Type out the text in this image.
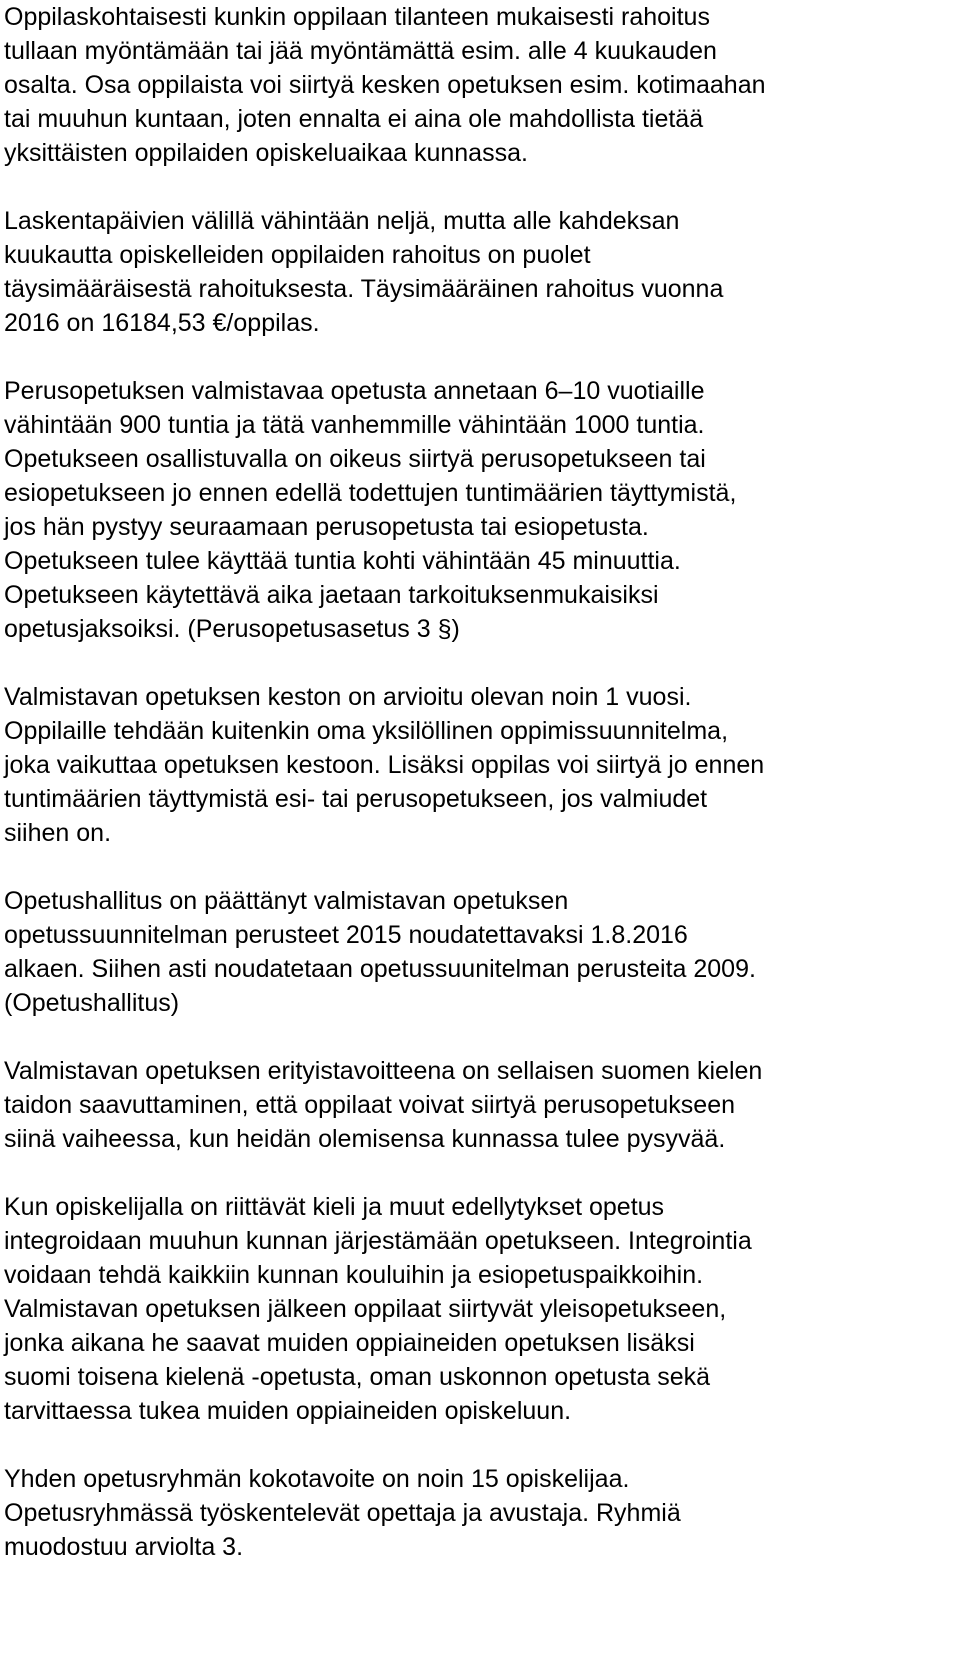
Oppilaskohtaisesti kunkin oppilaan tilanteen mukaisesti rahoitus
tullaan myöntämään tai jää myöntämättä esim. alle 4 kuukauden
osalta. Osa oppilaista voi siirtyä kesken opetuksen esim. kotimaahan
tai muuhun kuntaan, joten ennalta ei aina ole mahdollista tietää
yksittäisten oppilaiden opiskeluaikaa kunnassa.

Laskentapäivien välillä vähintään neljä, mutta alle kahdeksan
kuukautta opiskelleiden oppilaiden rahoitus on puolet
täysimääräisestä rahoituksesta. Täysimääräinen rahoitus vuonna
2016 on 16184,53 €/oppilas.

Perusopetuksen valmistavaa opetusta annetaan 6–10 vuotiaille
vähintään 900 tuntia ja tätä vanhemmille vähintään 1000 tuntia.
Opetukseen osallistuvalla on oikeus siirtyä perusopetukseen tai
esiopetukseen jo ennen edellä todettujen tuntimäärien täyttymistä,
jos hän pystyy seuraamaan perusopetusta tai esiopetusta.
Opetukseen tulee käyttää tuntia kohti vähintään 45 minuuttia.
Opetukseen käytettävä aika jaetaan tarkoituksenmukaisiksi
opetusjaksoiksi. (Perusopetusasetus 3 §)

Valmistavan opetuksen keston on arvioitu olevan noin 1 vuosi.
Oppilaille tehdään kuitenkin oma yksilöllinen oppimissuunnitelma,
joka vaikuttaa opetuksen kestoon. Lisäksi oppilas voi siirtyä jo ennen
tuntimäärien täyttymistä esi- tai perusopetukseen, jos valmiudet
siihen on.

Opetushallitus on päättänyt valmistavan opetuksen
opetussuunnitelman perusteet 2015 noudatettavaksi 1.8.2016
alkaen. Siihen asti noudatetaan opetussuunitelman perusteita 2009.
(Opetushallitus)

Valmistavan opetuksen erityistavoitteena on sellaisen suomen kielen
taidon saavuttaminen, että oppilaat voivat siirtyä perusopetukseen
siinä vaiheessa, kun heidän olemisensa kunnassa tulee pysyvää.

Kun opiskelijalla on riittävät kieli ja muut edellytykset opetus
integroidaan muuhun kunnan järjestämään opetukseen. Integrointia
voidaan tehdä kaikkiin kunnan kouluihin ja esiopetuspaikkoihin.
Valmistavan opetuksen jälkeen oppilaat siirtyvät yleisopetukseen,
jonka aikana he saavat muiden oppiaineiden opetuksen lisäksi
suomi toisena kielenä -opetusta, oman uskonnon opetusta sekä
tarvittaessa tukea muiden oppiaineiden opiskeluun.

Yhden opetusryhmän kokotavoite on noin 15 opiskelijaa.
Opetusryhmässä työskentelevät opettaja ja avustaja. Ryhmiä
muodostuu arviolta 3.
